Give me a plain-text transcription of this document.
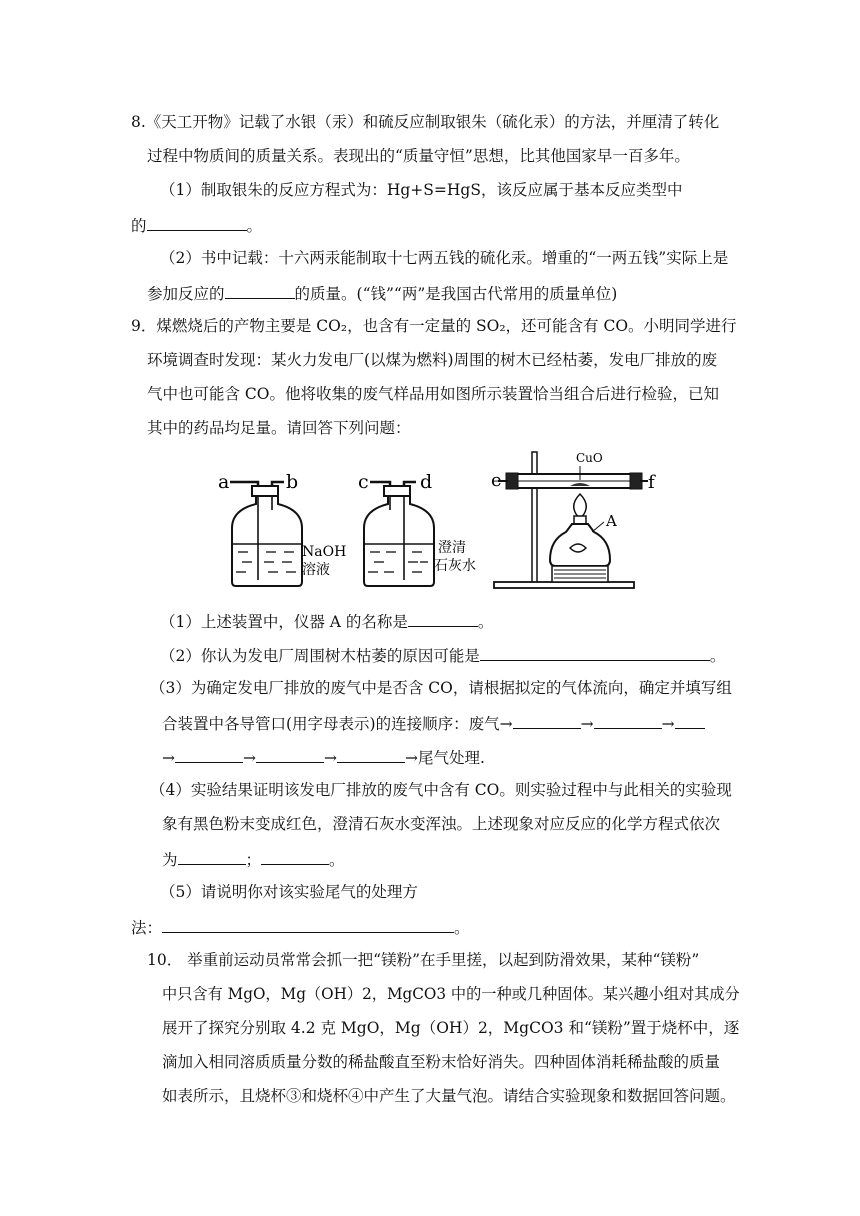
8.《天工开物》记载了水银（汞）和硫反应制取银朱（硫化汞）的方法，并厘清了转化
过程中物质间的质量关系。表现出的“质量守恒”思想，比其他国家早一百多年。
（1）制取银朱的反应方程式为：Hg+S=HgS，该反应属于基本反应类型中
的	。
（2）书中记载：十六两汞能制取十七两五钱的硫化汞。增重的“一两五钱”实际上是
参加反应的	的质量。(“钱”“两”是我国古代常用的质量单位)
9．煤燃烧后的产物主要是 CO₂，也含有一定量的 SO₂，还可能含有 CO。小明同学进行
环境调查时发现：某火力发电厂(以煤为燃料)周围的树木已经枯萎，发电厂排放的废
气中也可能含 CO。他将收集的废气样品用如图所示装置恰当组合后进行检验，已知
其中的药品均足量。请回答下列问题：
a	b
NaOH
溶液
c	d
澄清
石灰水
e	f
CuO
A
（1）上述装置中，仪器 A 的名称是	。
（2）你认为发电厂周围树木枯萎的原因可能是	。
（3）为确定发电厂排放的废气中是否含 CO，请根据拟定的气体流向，确定并填写组
合装置中各导管口(用字母表示)的连接顺序：废气→	→	→
→	→	→	→尾气处理.
（4）实验结果证明该发电厂排放的废气中含有 CO。则实验过程中与此相关的实验现
象有黑色粉末变成红色，澄清石灰水变浑浊。上述现象对应反应的化学方程式依次
为	；	。
（5）请说明你对该实验尾气的处理方
法：	。
10． 举重前运动员常常会抓一把“镁粉”在手里搓，以起到防滑效果，某种“镁粉”
中只含有 MgO，Mg（OH）2，MgCO3 中的一种或几种固体。某兴趣小组对其成分
展开了探究分别取 4.2 克 MgO，Mg（OH）2，MgCO3 和“镁粉”置于烧杯中，逐
滴加入相同溶质质量分数的稀盐酸直至粉末恰好消失。四种固体消耗稀盐酸的质量
如表所示，且烧杯③和烧杯④中产生了大量气泡。请结合实验现象和数据回答问题。
